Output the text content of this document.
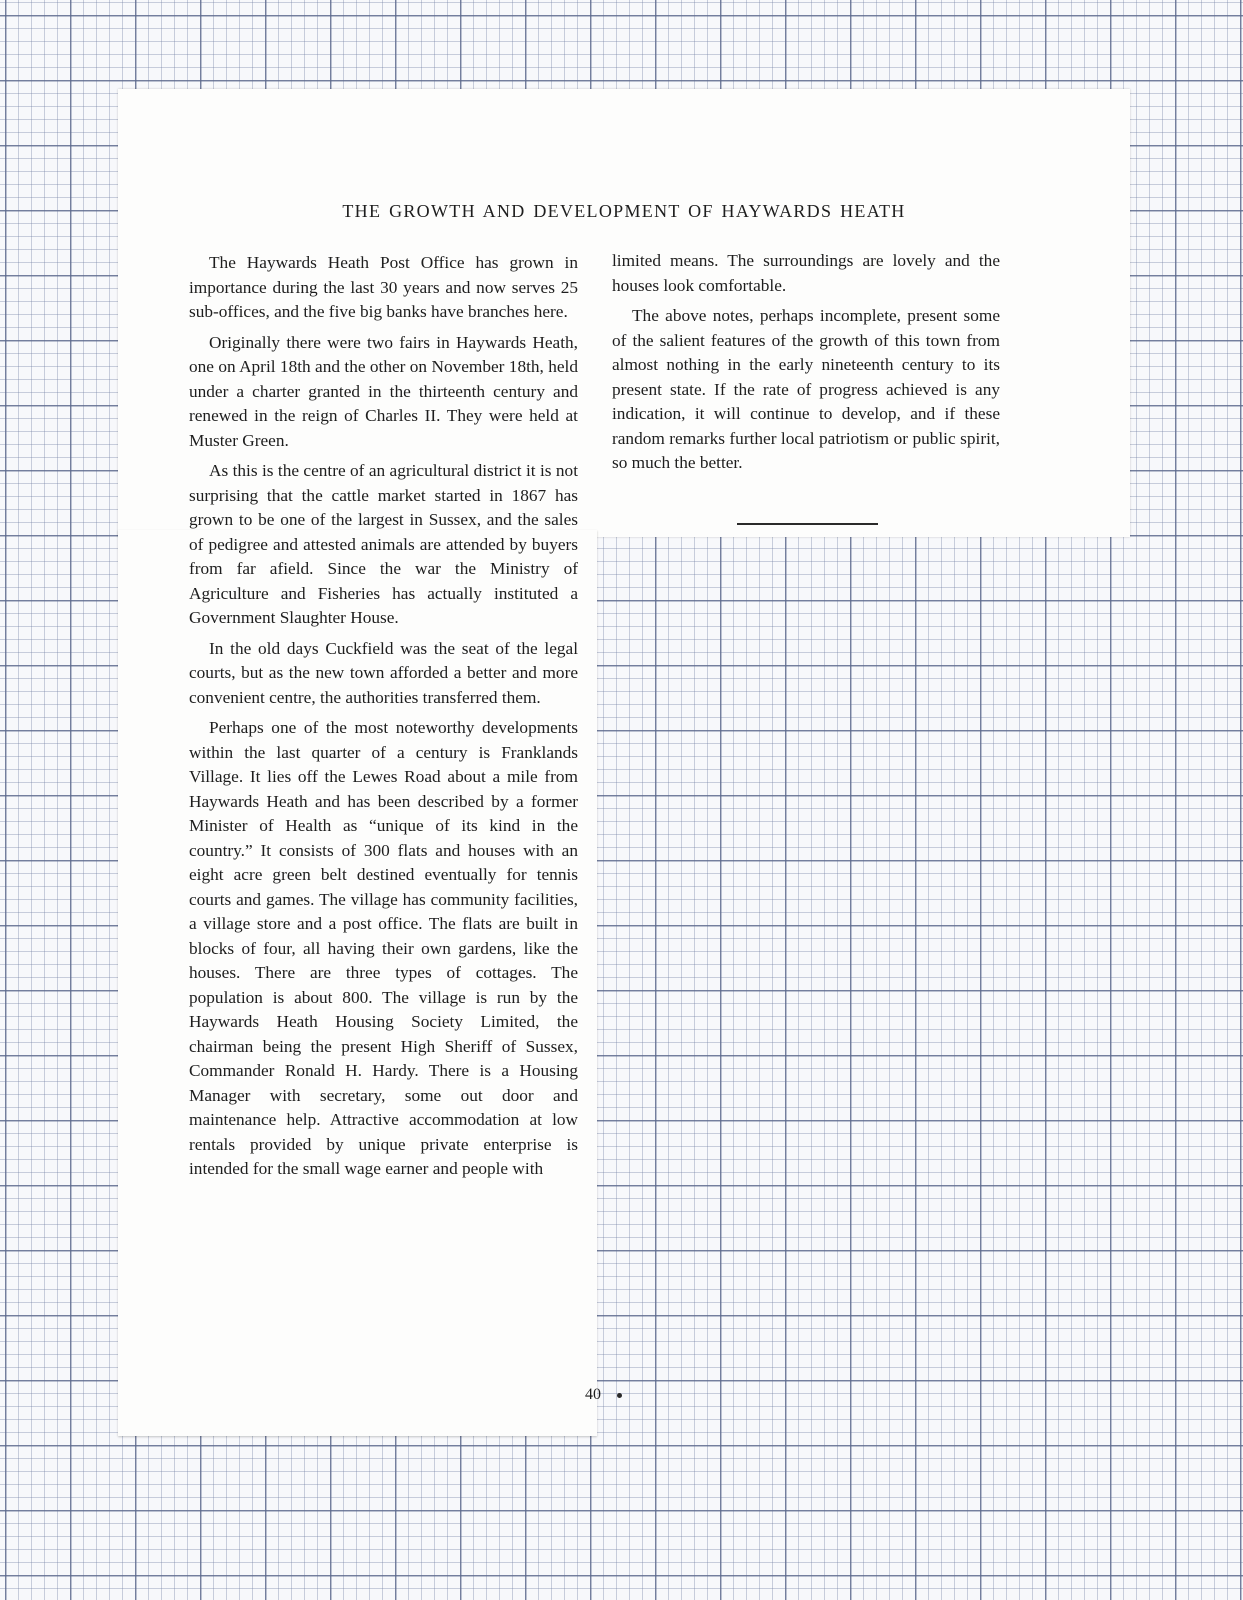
THE GROWTH AND DEVELOPMENT OF HAYWARDS HEATH

The Haywards Heath Post Office has grown in importance during the last 30 years and now serves 25 sub-offices, and the five big banks have branches here.

Originally there were two fairs in Haywards Heath, one on April 18th and the other on November 18th, held under a charter granted in the thirteenth century and renewed in the reign of Charles II. They were held at Muster Green.

As this is the centre of an agricultural district it is not surprising that the cattle market started in 1867 has grown to be one of the largest in Sussex, and the sales of pedigree and attested animals are attended by buyers from far afield. Since the war the Ministry of Agriculture and Fisheries has actually instituted a Government Slaughter House.

In the old days Cuckfield was the seat of the legal courts, but as the new town afforded a better and more convenient centre, the authorities transferred them.

Perhaps one of the most noteworthy developments within the last quarter of a century is Franklands Village. It lies off the Lewes Road about a mile from Haywards Heath and has been described by a former Minister of Health as “unique of its kind in the country.” It consists of 300 flats and houses with an eight acre green belt destined eventually for tennis courts and games. The village has community facilities, a village store and a post office. The flats are built in blocks of four, all having their own gardens, like the houses. There are three types of cottages. The population is about 800. The village is run by the Haywards Heath Housing Society Limited, the chairman being the present High Sheriff of Sussex, Commander Ronald H. Hardy. There is a Housing Manager with secretary, some out door and maintenance help. Attractive accommodation at low rentals provided by unique private enterprise is intended for the small wage earner and people with

limited means. The surroundings are lovely and the houses look comfortable.

The above notes, perhaps incomplete, present some of the salient features of the growth of this town from almost nothing in the early nineteenth century to its present state. If the rate of progress achieved is any indication, it will continue to develop, and if these random remarks further local patriotism or public spirit, so much the better.

40
